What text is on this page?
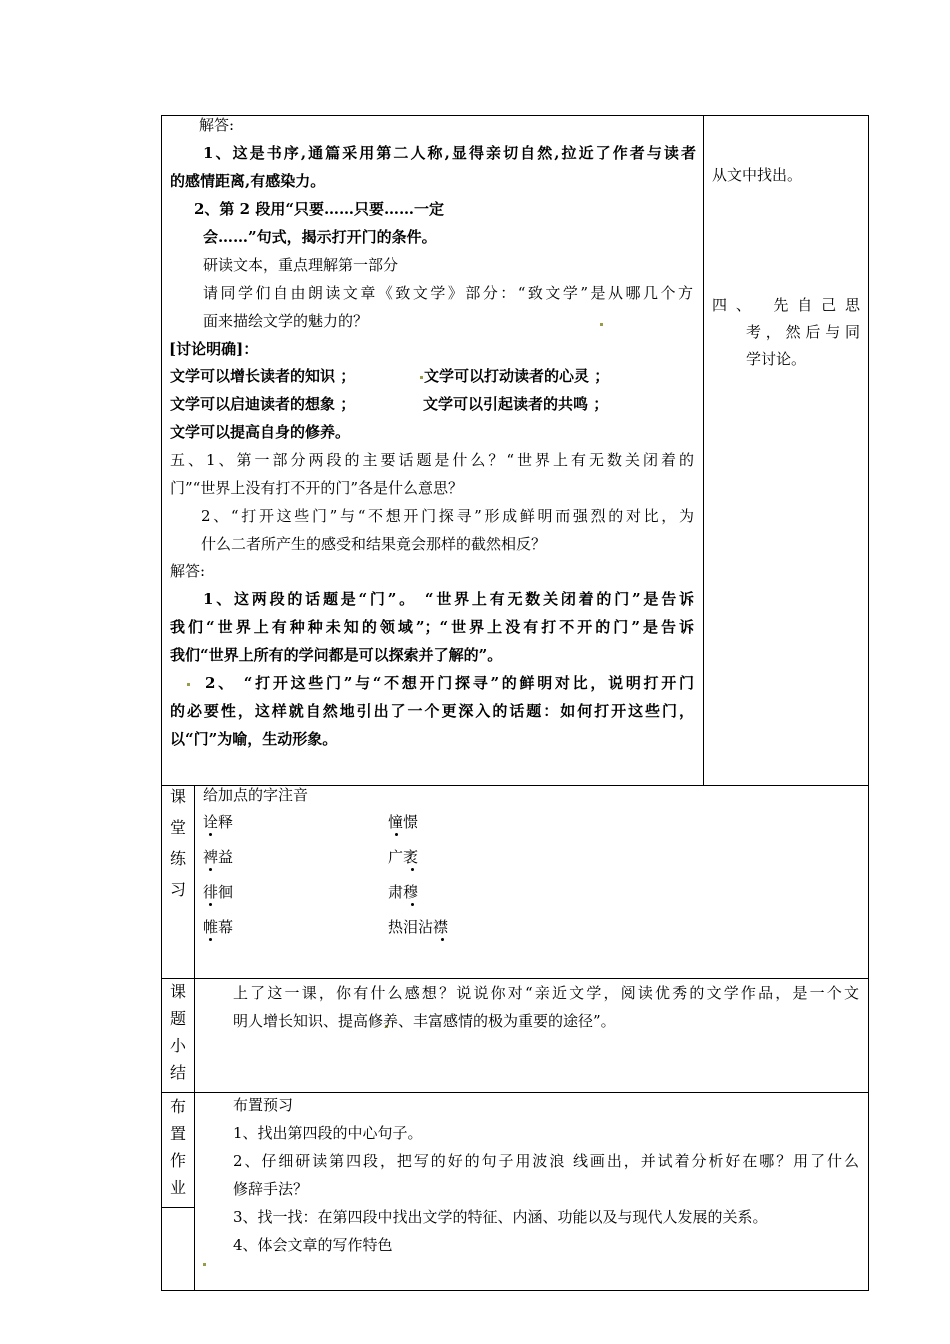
解答:
1、这是书序,通篇采用第二人称,显得亲切自然,拉近了作者与读者
的感情距离,有感染力。
2、第 2 段用“只要……只要……一定
会……”句式，揭示打开门的条件。
研读文本，重点理解第一部分
请同学们自由朗读文章《致文学》部分：“致文学”是从哪几个方
面来描绘文学的魅力的？
[讨论明确]：
文学可以增长读者的知识 ；	文学可以打动读者的心灵 ；
文学可以启迪读者的想象 ；	文学可以引起读者的共鸣 ；
文学可以提高自身的修养。
五、1、第一部分两段的主要话题是什么？“世界上有无数关闭着的
门”“世界上没有打不开的门”各是什么意思？
2、“打开这些门”与“不想开门探寻”形成鲜明而强烈的对比，为
什么二者所产生的感受和结果竟会那样的截然相反？
解答:
1、这两段的话题是“门”。 “世界上有无数关闭着的门”是告诉
我们“世界上有种种未知的领域”；“世界上没有打不开的门”是告诉
我们“世界上所有的学问都是可以探索并了解的”。
2、 “打开这些门”与“不想开门探寻”的鲜明对比，说明打开门
的必要性，这样就自然地引出了一个更深入的话题：如何打开这些门，
以“门”为喻，生动形象。
从文中找出。
四、 先自己思
考，然后与同
学讨论。
课
堂
练
习
给加点的字注音
诠释	憧憬
裨益	广袤
徘徊	肃穆
帷幕	热泪沾襟
课
题
小
结
上了这一课，你有什么感想？说说你对“亲近文学，阅读优秀的文学作品，是一个文
明人增长知识、提高修养、丰富感情的极为重要的途径”。
布
置
作
业
布置预习
1、找出第四段的中心句子。
2、仔细研读第四段，把写的好的句子用波浪 线画出，并试着分析好在哪？用了什么
修辞手法？
3、找一找：在第四段中找出文学的特征、内涵、功能以及与现代人发展的关系。
4、体会文章的写作特色
